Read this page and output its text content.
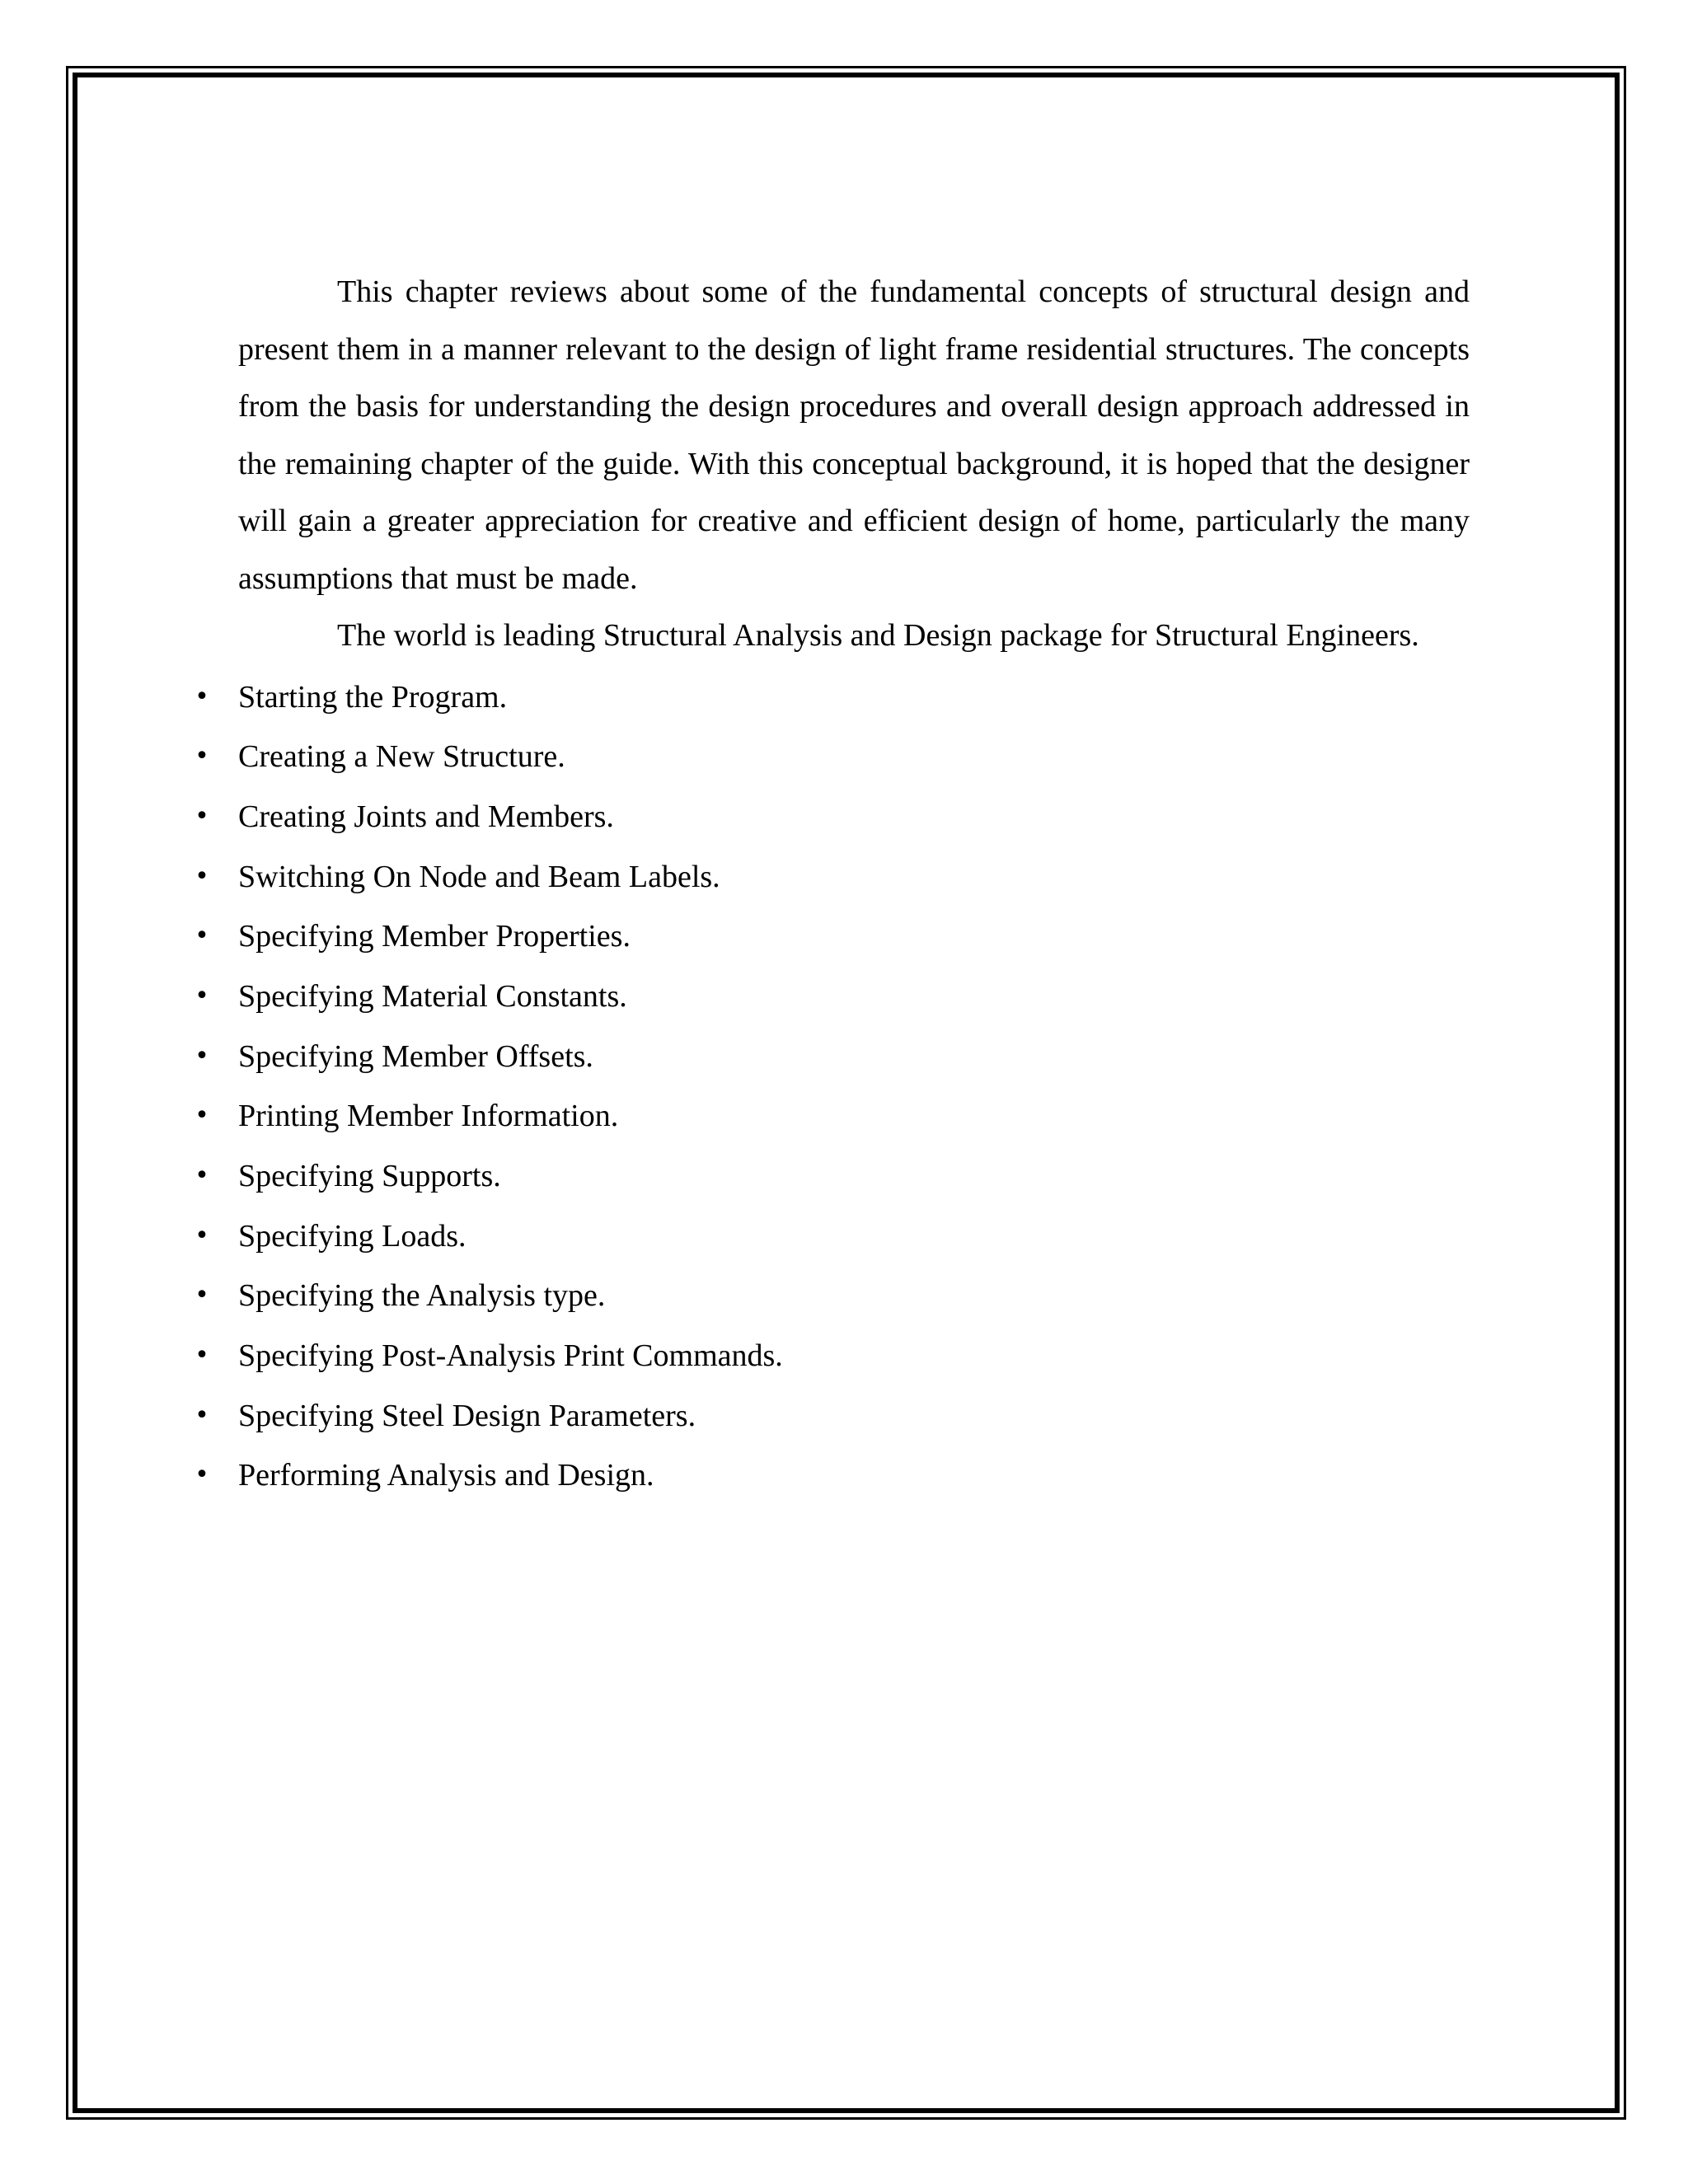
This chapter reviews about some of the fundamental concepts of structural design and present them in a manner relevant to the design of light frame residential structures. The concepts from the basis for understanding the design procedures and overall design approach addressed in the remaining chapter of the guide. With this conceptual background, it is hoped that the designer will gain a greater appreciation for creative and efficient design of home, particularly the many assumptions that must be made.

The world is leading Structural Analysis and Design package for Structural Engineers.

• Starting the Program.
• Creating a New Structure.
• Creating Joints and Members.
• Switching On Node and Beam Labels.
• Specifying Member Properties.
• Specifying Material Constants.
• Specifying Member Offsets.
• Printing Member Information.
• Specifying Supports.
• Specifying Loads.
• Specifying the Analysis type.
• Specifying Post-Analysis Print Commands.
• Specifying Steel Design Parameters.
• Performing Analysis and Design.
